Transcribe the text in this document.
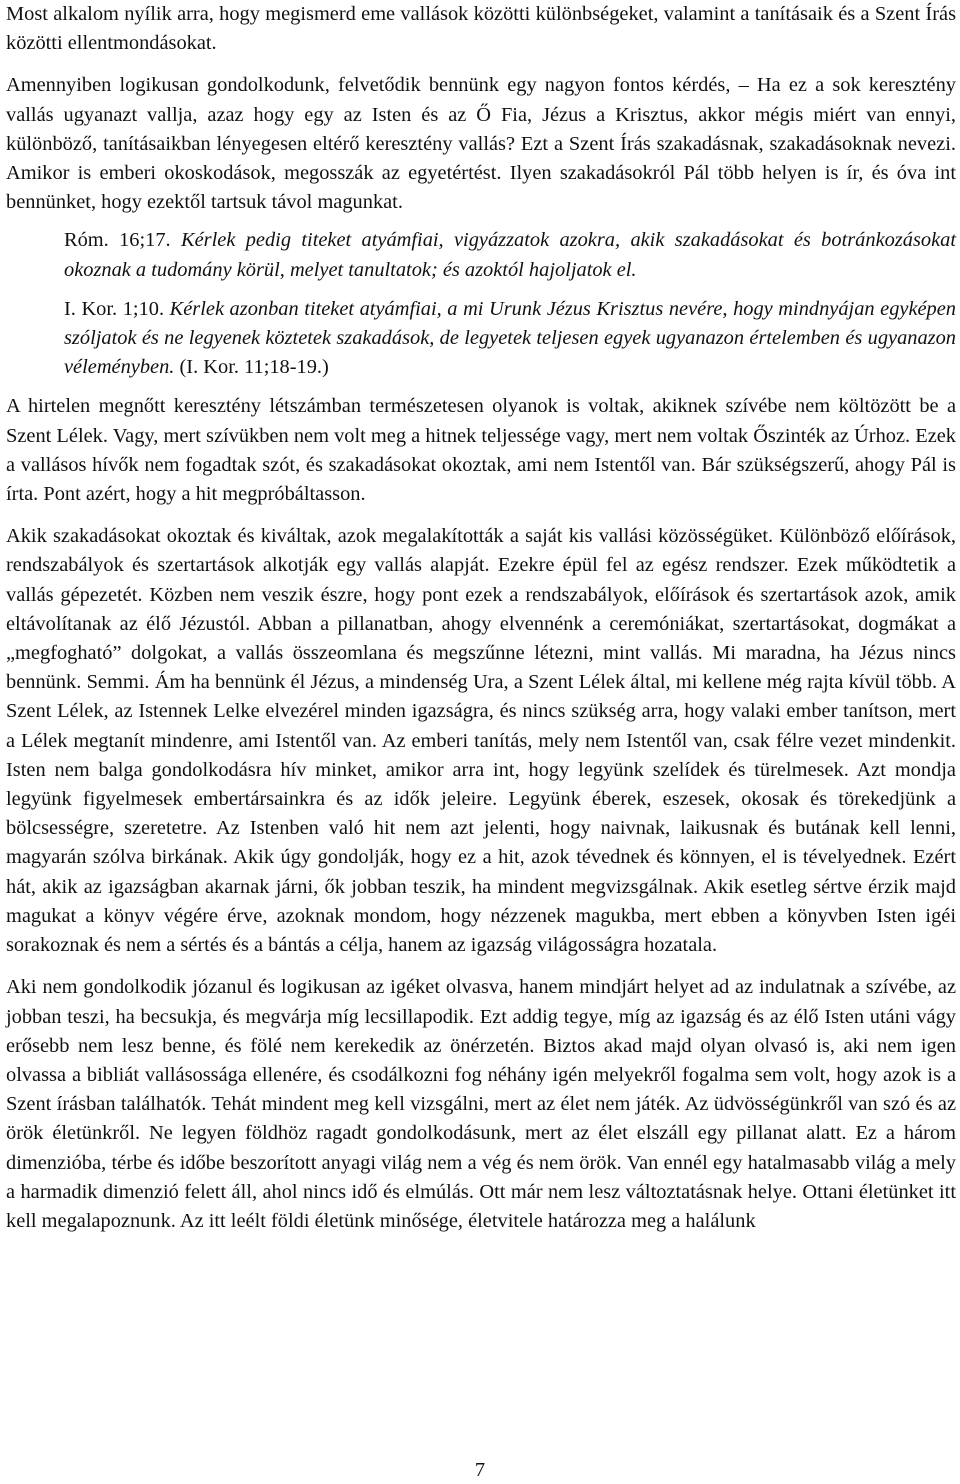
Most alkalom nyílik arra, hogy megismerd eme vallások közötti különbségeket, valamint a tanításaik és a Szent Írás közötti ellentmondásokat.

Amennyiben logikusan gondolkodunk, felvetődik bennünk egy nagyon fontos kérdés, – Ha ez a sok keresztény vallás ugyanazt vallja, azaz hogy egy az Isten és az Ő Fia, Jézus a Krisztus, akkor mégis miért van ennyi, különböző, tanításaikban lényegesen eltérő keresztény vallás? Ezt a Szent Írás szakadásnak, szakadásoknak nevezi. Amikor is emberi okoskodások, megosszák az egyetértést. Ilyen szakadásokról Pál több helyen is ír, és óva int bennünket, hogy ezektől tartsuk távol magunkat.

Róm. 16;17. Kérlek pedig titeket atyámfiai, vigyázzatok azokra, akik szakadásokat és botránkozásokat okoznak a tudomány körül, melyet tanultatok; és azoktól hajoljatok el.

I. Kor. 1;10. Kérlek azonban titeket atyámfiai, a mi Urunk Jézus Krisztus nevére, hogy mindnyájan egyképen szóljatok és ne legyenek köztetek szakadások, de legyetek teljesen egyek ugyanazon értelemben és ugyanazon véleményben. (I. Kor. 11;18-19.)

A hirtelen megnőtt keresztény létszámban természetesen olyanok is voltak, akiknek szívébe nem költözött be a Szent Lélek. Vagy, mert szívükben nem volt meg a hitnek teljessége vagy, mert nem voltak Őszinték az Úrhoz. Ezek a vallásos hívők nem fogadtak szót, és szakadásokat okoztak, ami nem Istentől van. Bár szükségszerű, ahogy Pál is írta. Pont azért, hogy a hit megpróbáltasson.

Akik szakadásokat okoztak és kiváltak, azok megalakították a saját kis vallási közösségüket. Különböző előírások, rendszabályok és szertartások alkotják egy vallás alapját. Ezekre épül fel az egész rendszer. Ezek működtetik a vallás gépezetét. Közben nem veszik észre, hogy pont ezek a rendszabályok, előírások és szertartások azok, amik eltávolítanak az élő Jézustól. Abban a pillanatban, ahogy elvennénk a ceremóniákat, szertartásokat, dogmákat a „megfogható” dolgokat, a vallás összeomlana és megszűnne létezni, mint vallás. Mi maradna, ha Jézus nincs bennünk. Semmi. Ám ha bennünk él Jézus, a mindenség Ura, a Szent Lélek által, mi kellene még rajta kívül több. A Szent Lélek, az Istennek Lelke elvezérel minden igazságra, és nincs szükség arra, hogy valaki ember tanítson, mert a Lélek megtanít mindenre, ami Istentől van. Az emberi tanítás, mely nem Istentől van, csak félre vezet mindenkit. Isten nem balga gondolkodásra hív minket, amikor arra int, hogy legyünk szelídek és türelmesek. Azt mondja legyünk figyelmesek embertársainkra és az idők jeleire. Legyünk éberek, eszesek, okosak és törekedjünk a bölcsességre, szeretetre. Az Istenben való hit nem azt jelenti, hogy naivnak, laikusnak és butának kell lenni, magyarán szólva birkának. Akik úgy gondolják, hogy ez a hit, azok tévednek és könnyen, el is tévelyednek. Ezért hát, akik az igazságban akarnak járni, ők jobban teszik, ha mindent megvizsgálnak. Akik esetleg sértve érzik majd magukat a könyv végére érve, azoknak mondom, hogy nézzenek magukba, mert ebben a könyvben Isten igéi sorakoznak és nem a sértés és a bántás a célja, hanem az igazság világosságra hozatala.

Aki nem gondolkodik józanul és logikusan az igéket olvasva, hanem mindjárt helyet ad az indulatnak a szívébe, az jobban teszi, ha becsukja, és megvárja míg lecsillapodik. Ezt addig tegye, míg az igazság és az élő Isten utáni vágy erősebb nem lesz benne, és fölé nem kerekedik az önérzetén. Biztos akad majd olyan olvasó is, aki nem igen olvassa a bibliát vallásossága ellenére, és csodálkozni fog néhány igén melyekről fogalma sem volt, hogy azok is a Szent írásban találhatók. Tehát mindent meg kell vizsgálni, mert az élet nem játék. Az üdvösségünkről van szó és az örök életünkről. Ne legyen földhöz ragadt gondolkodásunk, mert az élet elszáll egy pillanat alatt. Ez a három dimenzióba, térbe és időbe beszorított anyagi világ nem a vég és nem örök. Van ennél egy hatalmasabb világ a mely a harmadik dimenzió felett áll, ahol nincs idő és elmúlás. Ott már nem lesz változtatásnak helye. Ottani életünket itt kell megalapoznunk. Az itt leélt földi életünk minősége, életvitele határozza meg a halálunk

7
